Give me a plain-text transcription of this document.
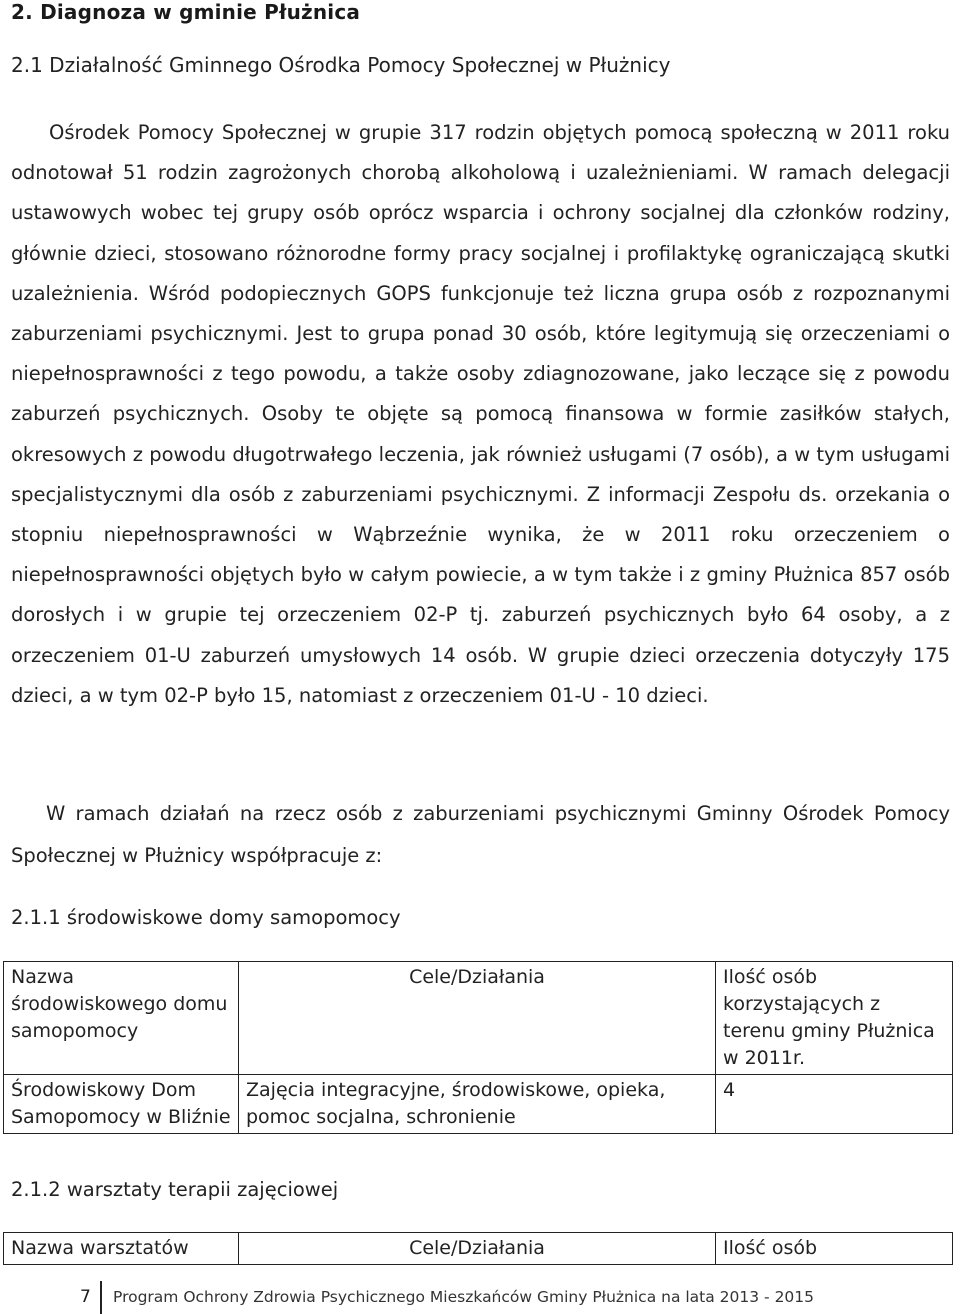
2. Diagnoza w gminie Płużnica
2.1 Działalność Gminnego Ośrodka Pomocy Społecznej w Płużnicy

Ośrodek Pomocy Społecznej w grupie 317 rodzin objętych pomocą społeczną w 2011 roku odnotował 51 rodzin zagrożonych chorobą alkoholową i uzależnieniami. W ramach delegacji ustawowych wobec tej grupy osób oprócz wsparcia i ochrony socjalnej dla członków rodziny, głównie dzieci, stosowano różnorodne formy pracy socjalnej i profilaktykę ograniczającą skutki uzależnienia. Wśród podopiecznych GOPS funkcjonuje też liczna grupa osób z rozpoznanymi zaburzeniami psychicznymi. Jest to grupa ponad 30 osób, które legitymują się orzeczeniami o niepełnosprawności z tego powodu, a także osoby zdiagnozowane, jako leczące się z powodu zaburzeń psychicznych. Osoby te objęte są pomocą finansowa w formie zasiłków stałych, okresowych z powodu długotrwałego leczenia, jak również usługami (7 osób), a w tym usługami specjalistycznymi dla osób z zaburzeniami psychicznymi. Z informacji Zespołu ds. orzekania o stopniu niepełnosprawności w Wąbrzeźnie wynika, że w 2011 roku orzeczeniem o niepełnosprawności objętych było w całym powiecie, a w tym także i z gminy Płużnica 857 osób dorosłych i w grupie tej orzeczeniem 02-P tj. zaburzeń psychicznych było 64 osoby, a z orzeczeniem 01-U zaburzeń umysłowych 14 osób. W grupie dzieci orzeczenia dotyczyły 175 dzieci, a w tym 02-P było 15, natomiast z orzeczeniem 01-U - 10 dzieci.

W ramach działań na rzecz osób z zaburzeniami psychicznymi Gminny Ośrodek Pomocy Społecznej w Płużnicy współpracuje z:
2.1.1 środowiskowe domy samopomocy
Nazwa środowiskowego domu samopomocy	Cele/Działania	Ilość osób korzystających z terenu gminy Płużnica w 2011r.
Środowiskowy Dom Samopomocy w Bliźnie	Zajęcia integracyjne, środowiskowe, opieka, pomoc socjalna, schronienie	4
2.1.2 warsztaty terapii zajęciowej
Nazwa warsztatów	Cele/Działania	Ilość osób
7 Program Ochrony Zdrowia Psychicznego Mieszkańców Gminy Płużnica na lata 2013 - 2015
